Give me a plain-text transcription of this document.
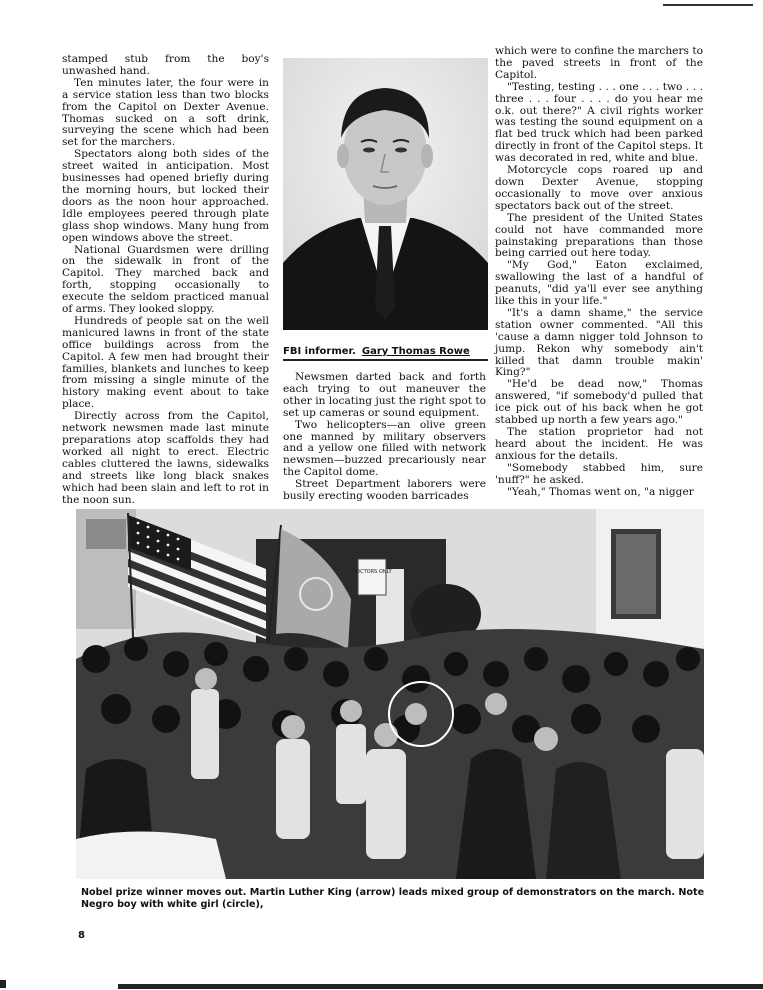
stamped stub from the boy's unwashed hand.

Ten minutes later, the four were in a service station less than two blocks from the Capitol on Dexter Avenue. Thomas sucked on a soft drink, surveying the scene which had been set for the marchers.

Spectators along both sides of the street waited in anticipation. Most businesses had opened briefly during the morning hours, but locked their doors as the noon hour approached. Idle employees peered through plate glass shop windows. Many hung from open windows above the street.

National Guardsmen were drilling on the sidewalk in front of the Capitol. They marched back and forth, stopping occasionally to execute the seldom practiced manual of arms. They looked sloppy.

Hundreds of people sat on the well manicured lawns in front of the state office buildings across from the Capitol. A few men had brought their families, blankets and lunches to keep from missing a single minute of the history making event about to take place.

Directly across from the Capitol, network newsmen made last minute preparations atop scaffolds they had worked all night to erect. Electric cables cluttered the lawns, sidewalks and streets like long black snakes which had been slain and left to rot in the noon sun.

FBI informer. Gary Thomas Rowe

Newsmen darted back and forth each trying to out maneuver the other in locating just the right spot to set up cameras or sound equipment.

Two helicopters—an olive green one manned by military observers and a yellow one filled with network newsmen—buzzed precariously near the Capitol dome.

Street Department laborers were busily erecting wooden barricades

which were to confine the marchers to the paved streets in front of the Capitol.

"Testing, testing . . . one . . . two . . . three . . . four . . . . do you hear me o.k. out there?" A civil rights worker was testing the sound equipment on a flat bed truck which had been parked directly in front of the Capitol steps. It was decorated in red, white and blue.

Motorcycle cops roared up and down Dexter Avenue, stopping occasionally to move over anxious spectators back out of the street.

The president of the United States could not have commanded more painstaking preparations than those being carried out here today.

"My God," Eaton exclaimed, swallowing the last of a handful of peanuts, "did ya'll ever see anything like this in your life."

"It's a damn shame," the service station owner commented. "All this 'cause a damn nigger told Johnson to jump. Rekon why somebody ain't killed that damn trouble makin' King?"

"He'd be dead now," Thomas answered, "if somebody'd pulled that ice pick out of his back when he got stabbed up north a few years ago."

The station proprietor had not heard about the incident. He was anxious for the details.

"Somebody stabbed him, sure 'nuff?" he asked.

"Yeah," Thomas went on, "a nigger

DOCTORS ONLY
Nobel prize winner moves out. Martin Luther King (arrow) leads mixed group of demonstrators on the march. Note Negro boy with white girl (circle),
8
